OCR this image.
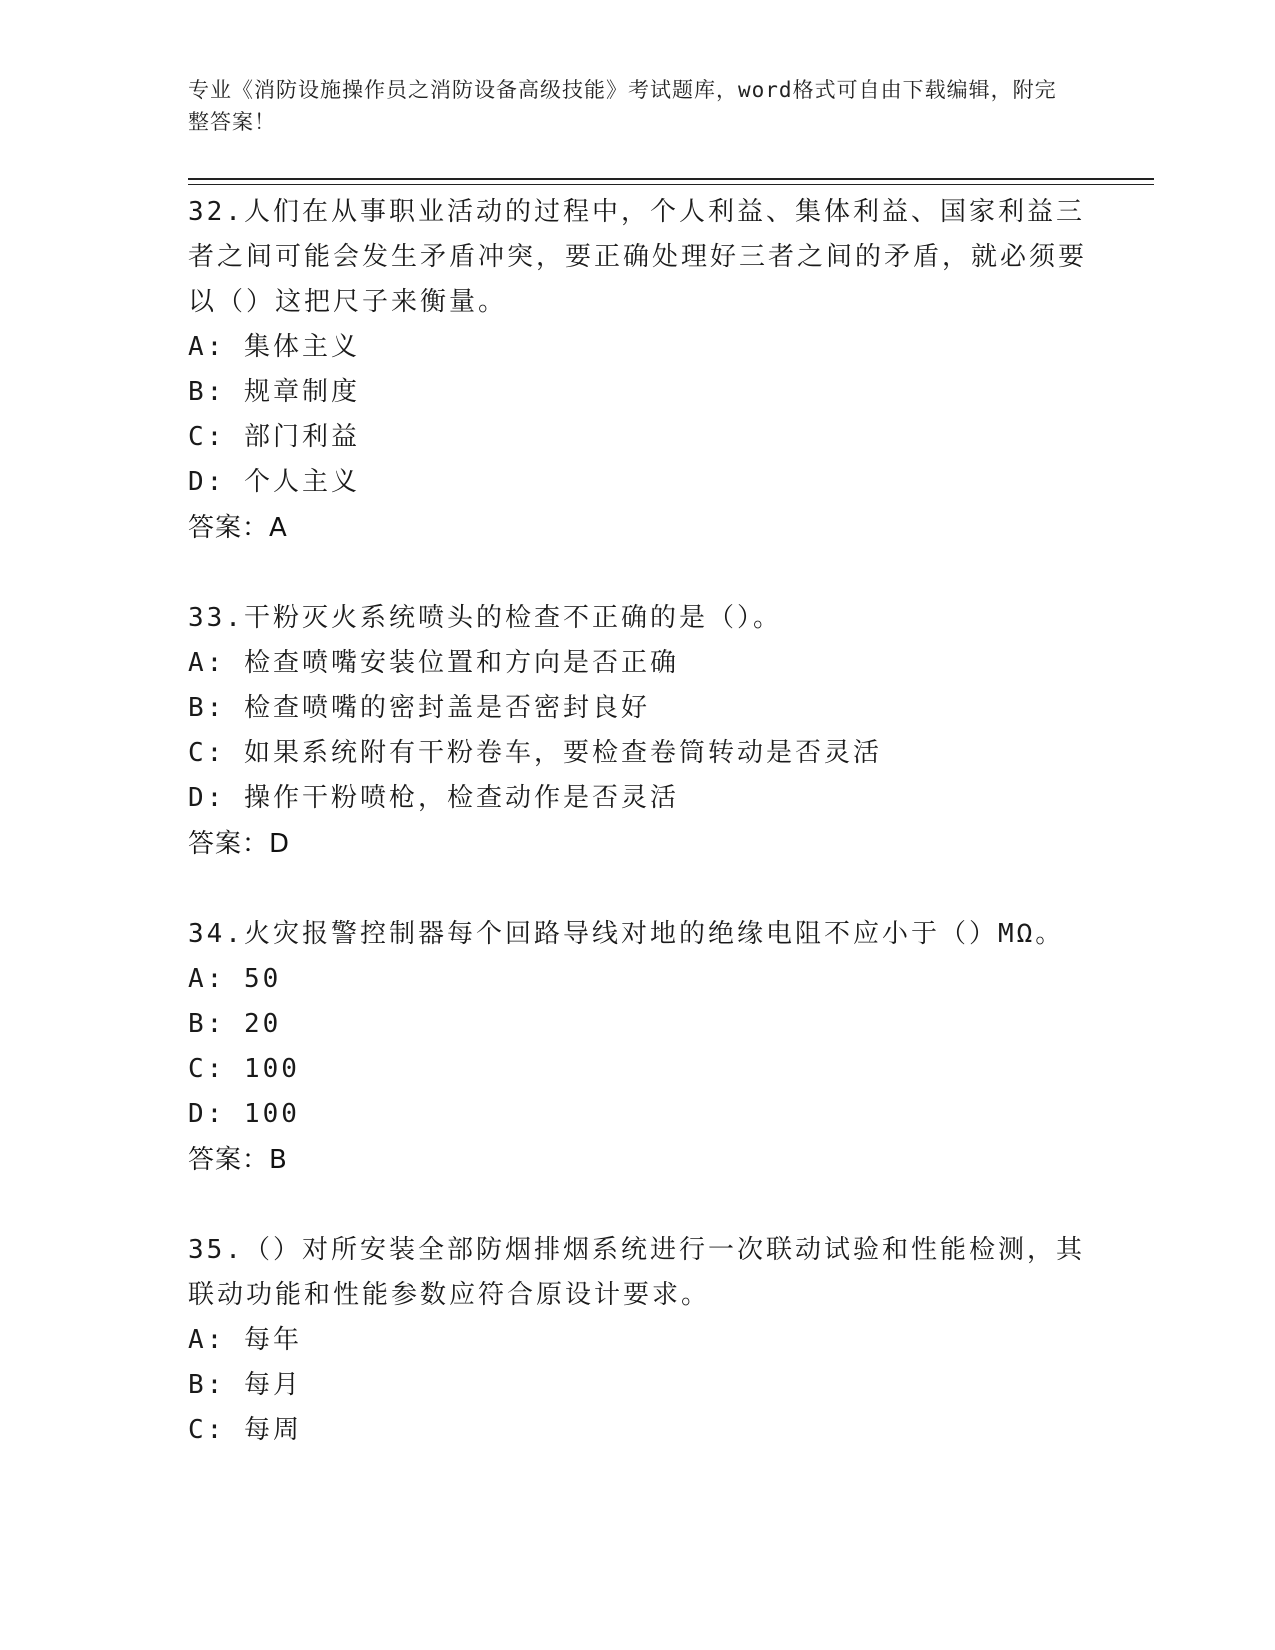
专业《消防设施操作员之消防设备高级技能》考试题库，word格式可自由下载编辑，附完整答案！

32.人们在从事职业活动的过程中，个人利益、集体利益、国家利益三者之间可能会发生矛盾冲突，要正确处理好三者之间的矛盾，就必须要以（）这把尺子来衡量。

A: 集体主义

B: 规章制度

C: 部门利益

D: 个人主义

答案：A

33.干粉灭火系统喷头的检查不正确的是（）。

A: 检查喷嘴安装位置和方向是否正确

B: 检查喷嘴的密封盖是否密封良好

C: 如果系统附有干粉卷车，要检查卷筒转动是否灵活

D: 操作干粉喷枪，检查动作是否灵活

答案：D

34.火灾报警控制器每个回路导线对地的绝缘电阻不应小于（）MΩ。

A: 50

B: 20

C: 100

D: 100

答案：B

35.（）对所安装全部防烟排烟系统进行一次联动试验和性能检测，其联动功能和性能参数应符合原设计要求。

A: 每年

B: 每月

C: 每周
